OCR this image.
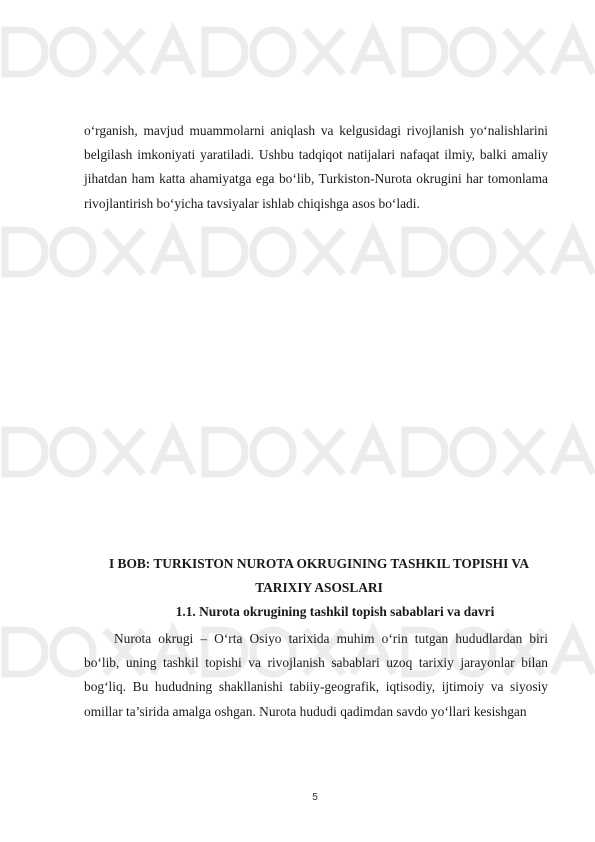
o‘rganish, mavjud muammolarni aniqlash va kelgusidagi rivojlanish yo‘nalishlarini belgilash imkoniyati yaratiladi. Ushbu tadqiqot natijalari nafaqat ilmiy, balki amaliy jihatdan ham katta ahamiyatga ega bo‘lib, Turkiston-Nurota okrugini har tomonlama rivojlantirish bo‘yicha tavsiyalar ishlab chiqishga asos bo‘ladi.

I BOB: TURKISTON NUROTA OKRUGINING TASHKIL TOPISHI VA TARIXIY ASOSLARI
1.1. Nurota okrugining tashkil topish sabablari va davri

Nurota okrugi – O‘rta Osiyo tarixida muhim o‘rin tutgan hududlardan biri bo‘lib, uning tashkil topishi va rivojlanish sabablari uzoq tarixiy jarayonlar bilan bog‘liq. Bu hududning shakllanishi tabiiy-geografik, iqtisodiy, ijtimoiy va siyosiy omillar ta’sirida amalga oshgan. Nurota hududi qadimdan savdo yo‘llari kesishgan

5
